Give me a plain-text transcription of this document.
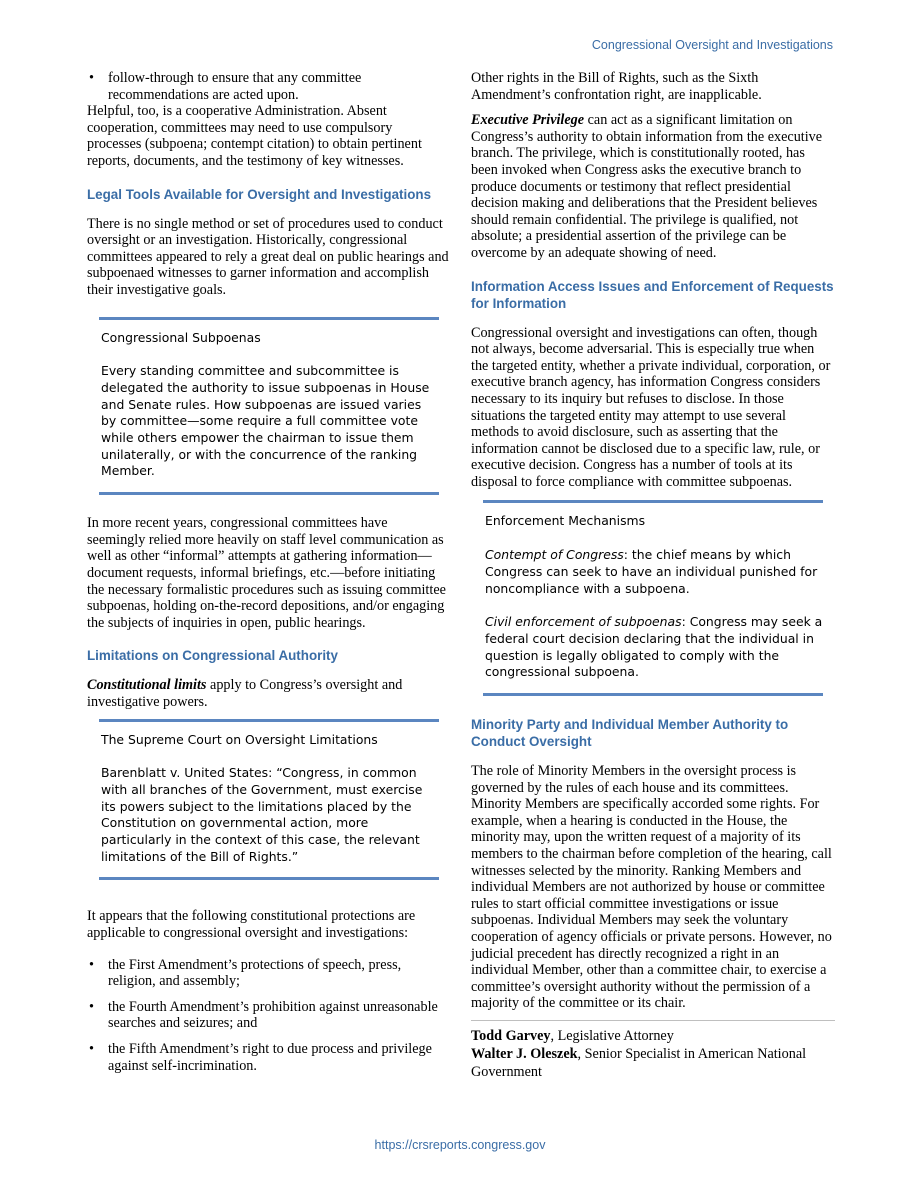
Congressional Oversight and Investigations
• follow-through to ensure that any committee recommendations are acted upon.

Helpful, too, is a cooperative Administration. Absent cooperation, committees may need to use compulsory processes (subpoena; contempt citation) to obtain pertinent reports, documents, and the testimony of key witnesses.

Legal Tools Available for Oversight and Investigations

There is no single method or set of procedures used to conduct oversight or an investigation. Historically, congressional committees appeared to rely a great deal on public hearings and subpoenaed witnesses to garner information and accomplish their investigative goals.

Congressional Subpoenas
Every standing committee and subcommittee is delegated the authority to issue subpoenas in House and Senate rules. How subpoenas are issued varies by committee—some require a full committee vote while others empower the chairman to issue them unilaterally, or with the concurrence of the ranking Member.

In more recent years, congressional committees have seemingly relied more heavily on staff level communication as well as other “informal” attempts at gathering information—document requests, informal briefings, etc.—before initiating the necessary formalistic procedures such as issuing committee subpoenas, holding on-the-record depositions, and/or engaging the subjects of inquiries in open, public hearings.

Limitations on Congressional Authority

Constitutional limits apply to Congress’s oversight and investigative powers.

The Supreme Court on Oversight Limitations
Barenblatt v. United States: “Congress, in common with all branches of the Government, must exercise its powers subject to the limitations placed by the Constitution on governmental action, more particularly in the context of this case, the relevant limitations of the Bill of Rights.”

It appears that the following constitutional protections are applicable to congressional oversight and investigations:

• the First Amendment’s protections of speech, press, religion, and assembly;
• the Fourth Amendment’s prohibition against unreasonable searches and seizures; and
• the Fifth Amendment’s right to due process and privilege against self-incrimination.

Other rights in the Bill of Rights, such as the Sixth Amendment’s confrontation right, are inapplicable.

Executive Privilege can act as a significant limitation on Congress’s authority to obtain information from the executive branch. The privilege, which is constitutionally rooted, has been invoked when Congress asks the executive branch to produce documents or testimony that reflect presidential decision making and deliberations that the President believes should remain confidential. The privilege is qualified, not absolute; a presidential assertion of the privilege can be overcome by an adequate showing of need.

Information Access Issues and Enforcement of Requests for Information

Congressional oversight and investigations can often, though not always, become adversarial. This is especially true when the targeted entity, whether a private individual, corporation, or executive branch agency, has information Congress considers necessary to its inquiry but refuses to disclose. In those situations the targeted entity may attempt to use several methods to avoid disclosure, such as asserting that the information cannot be disclosed due to a specific law, rule, or executive decision. Congress has a number of tools at its disposal to force compliance with committee subpoenas.

Enforcement Mechanisms
Contempt of Congress: the chief means by which Congress can seek to have an individual punished for noncompliance with a subpoena.
Civil enforcement of subpoenas: Congress may seek a federal court decision declaring that the individual in question is legally obligated to comply with the congressional subpoena.
Minority Party and Individual Member Authority to Conduct Oversight

The role of Minority Members in the oversight process is governed by the rules of each house and its committees. Minority Members are specifically accorded some rights. For example, when a hearing is conducted in the House, the minority may, upon the written request of a majority of its members to the chairman before completion of the hearing, call witnesses selected by the minority. Ranking Members and individual Members are not authorized by house or committee rules to start official committee investigations or issue subpoenas. Individual Members may seek the voluntary cooperation of agency officials or private persons. However, no judicial precedent has directly recognized a right in an individual Member, other than a committee chair, to exercise a committee’s oversight authority without the permission of a majority of the committee or its chair.

Todd Garvey, Legislative Attorney
Walter J. Oleszek, Senior Specialist in American National Government
https://crsreports.congress.gov
